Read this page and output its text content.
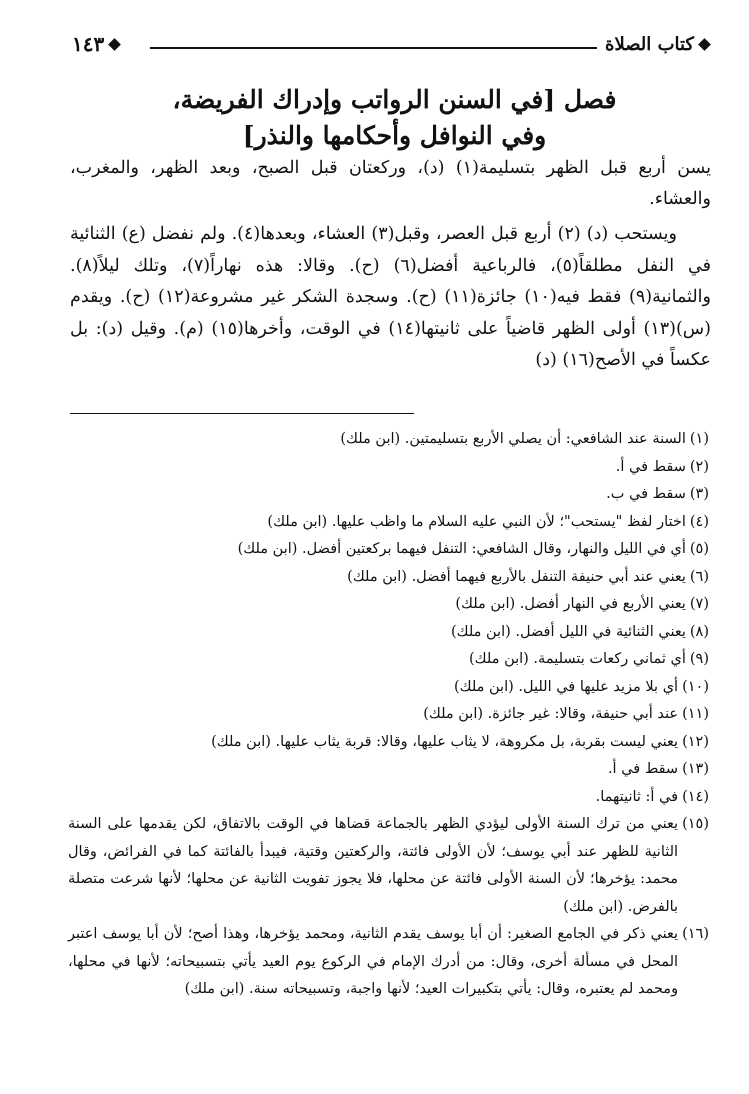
كتاب الصلاة
١٤٣
فصل [في السنن الرواتب وإدراك الفريضة،
وفي النوافل وأحكامها والنذر]

يسن أربع قبل الظهر بتسليمة(١) (د)، وركعتان قبل الصبح، وبعد الظهر، والمغرب، والعشاء.

ويستحب (د) (٢) أربع قبل العصر، وقبل(٣) العشاء، وبعدها(٤). ولم نفضل (ع) الثنائية في النفل مطلقاً(٥)، فالرباعية أفضل(٦) (ح). وقالا: هذه نهاراً(٧)، وتلك ليلاً(٨). والثمانية(٩) فقط فيه(١٠) جائزة(١١) (ح). وسجدة الشكر غير مشروعة(١٢) (ح). ويقدم (س)(١٣) أولى الظهر قاضياً على ثانيتها(١٤) في الوقت، وأخرها(١٥) (م). وقيل (د): بل عكساً في الأصح(١٦) (د)

(١)
السنة عند الشافعي: أن يصلي الأربع بتسليمتين. (ابن ملك)
(٢)
سقط في أ.
(٣)
سقط في ب.
(٤)
اختار لفظ "يستحب"؛ لأن النبي عليه السلام ما واظب عليها. (ابن ملك)
(٥)
أي في الليل والنهار، وقال الشافعي: التنفل فيهما بركعتين أفضل. (ابن ملك)
(٦)
يعني عند أبي حنيفة التنفل بالأربع فيهما أفضل. (ابن ملك)
(٧)
يعني الأربع في النهار أفضل. (ابن ملك)
(٨)
يعني الثنائية في الليل أفضل. (ابن ملك)
(٩)
أي ثماني ركعات بتسليمة. (ابن ملك)
(١٠)
أي بلا مزيد عليها في الليل. (ابن ملك)
(١١)
عند أبي حنيفة، وقالا: غير جائزة. (ابن ملك)
(١٢)
يعني ليست بقربة، بل مكروهة، لا يثاب عليها، وقالا: قربة يثاب عليها. (ابن ملك)
(١٣)
سقط في أ.
(١٤)
في أ: ثانيتهما.
(١٥)
يعني من ترك السنة الأولى ليؤدي الظهر بالجماعة قضاها في الوقت بالاتفاق، لكن يقدمها على السنة الثانية للظهر عند أبي يوسف؛ لأن الأولى فائتة، والركعتين وقتية، فيبدأ بالفائتة كما في الفرائض، وقال محمد: يؤخرها؛ لأن السنة الأولى فائتة عن محلها، فلا يجوز تفويت الثانية عن محلها؛ لأنها شرعت متصلة بالفرض. (ابن ملك)
(١٦)
يعني ذكر في الجامع الصغير: أن أبا يوسف يقدم الثانية، ومحمد يؤخرها، وهذا أصح؛ لأن أبا يوسف اعتبر المحل في مسألة أخرى، وقال: من أدرك الإمام في الركوع يوم العيد يأتي بتسبيحاته؛ لأنها في محلها، ومحمد لم يعتبره، وقال: يأتي بتكبيرات العيد؛ لأنها واجبة، وتسبيحاته سنة. (ابن ملك)
